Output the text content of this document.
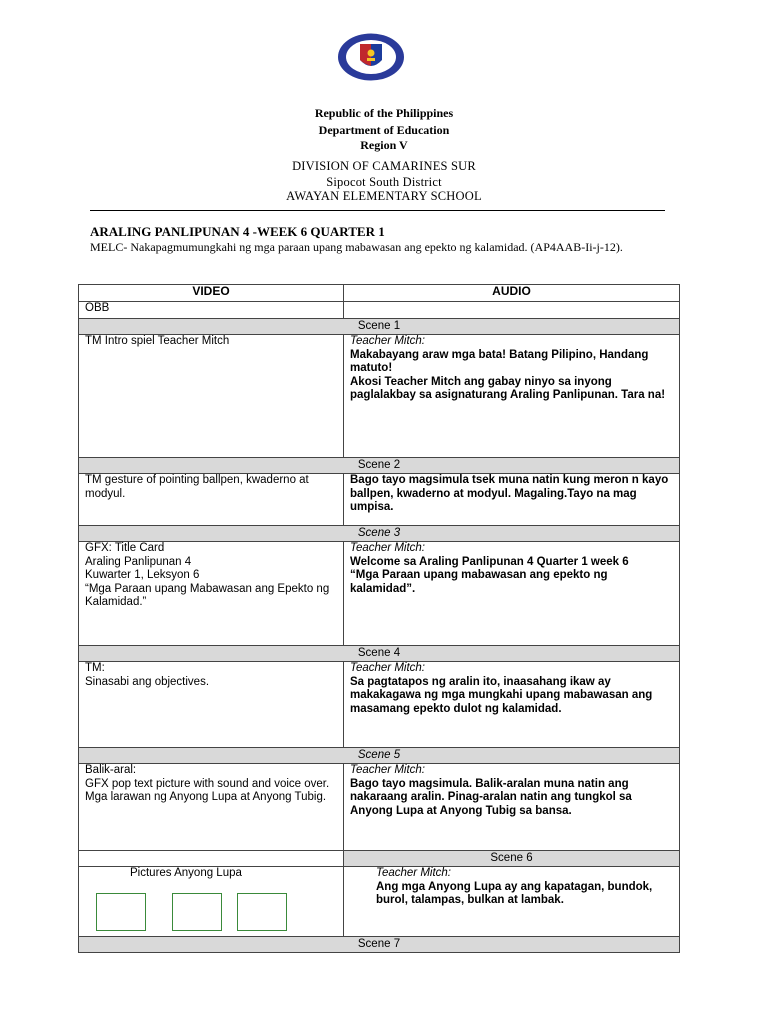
Republic of the Philippines
Department of Education
Region V
DIVISION OF CAMARINES SUR
Sipocot South District
AWAYAN ELEMENTARY SCHOOL
ARALING PANLIPUNAN 4 -WEEK 6 QUARTER 1
MELC- Nakapagmumungkahi ng mga paraan upang mabawasan ang epekto ng kalamidad. (AP4AAB-Ii-j-12).
VIDEO	AUDIO
OBB	
Scene 1	
TM Intro spiel Teacher Mitch	Teacher Mitch:
Makabayang araw mga bata! Batang Pilipino, Handang matuto!
Akosi Teacher Mitch ang gabay ninyo sa inyong paglalakbay sa asignaturang Araling Panlipunan. Tara na!

Scene 2	
TM gesture of pointing ballpen, kwaderno at modyul.	Bago tayo magsimula tsek muna natin kung meron n kayo ballpen, kwaderno at modyul. Magaling.Tayo na mag umpisa.

Scene 3	
GFX: Title Card
Araling Panlipunan 4
Kuwarter 1, Leksyon 6
“Mga Paraan upang Mabawasan ang Epekto ng Kalamidad.”	Teacher Mitch:
Welcome sa Araling Panlipunan 4 Quarter 1 week 6
“Mga Paraan upang mabawasan ang epekto ng kalamidad”.

Scene 4	
TM:
Sinasabi ang objectives.	Teacher Mitch:
Sa pagtatapos ng aralin ito, inaasahang ikaw ay makakagawa ng mga mungkahi upang mabawasan ang masamang epekto dulot ng kalamidad.

Scene 5	
Balik-aral:
GFX pop text picture with sound and voice over.
Mga larawan ng Anyong Lupa at Anyong Tubig.	Teacher Mitch:
Bago tayo magsimula. Balik-aralan muna natin ang nakaraang aralin. Pinag-aralan natin ang tungkol sa Anyong Lupa at Anyong Tubig sa bansa.

	Scene 6

Pictures Anyong Lupa	Teacher Mitch:
Ang mga Anyong Lupa ay ang kapatagan, bundok, burol, talampas, bulkan at lambak.

Scene 7	
